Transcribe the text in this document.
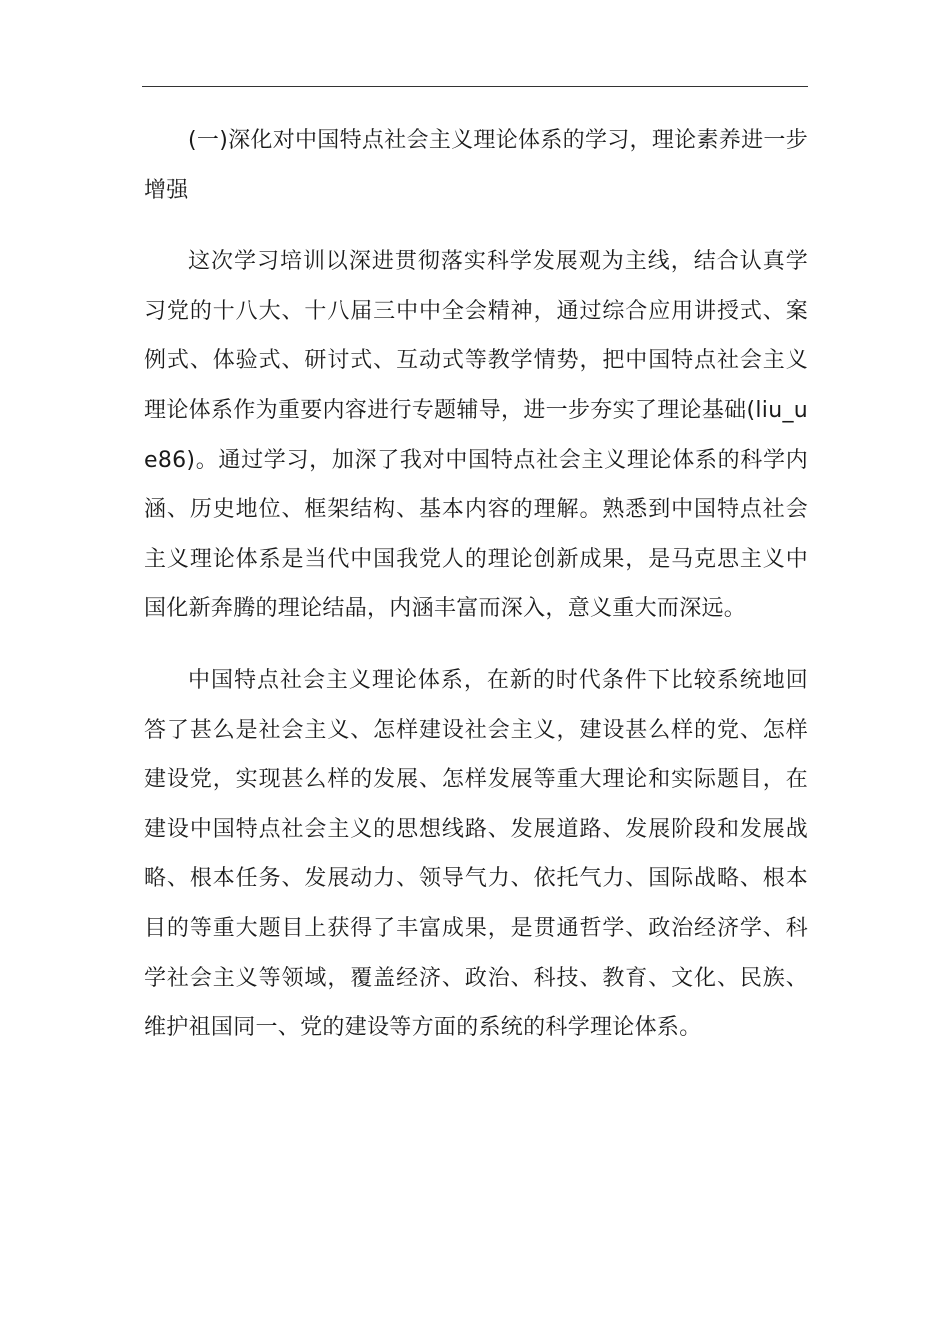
(一)深化对中国特点社会主义理论体系的学习，理论素养进一步增强

这次学习培训以深进贯彻落实科学发展观为主线，结合认真学习党的十八大、十八届三中中全会精神，通过综合应用讲授式、案例式、体验式、研讨式、互动式等教学情势，把中国特点社会主义理论体系作为重要内容进行专题辅导，进一步夯实了理论基础(liu_ue86)。通过学习，加深了我对中国特点社会主义理论体系的科学内涵、历史地位、框架结构、基本内容的理解。熟悉到中国特点社会主义理论体系是当代中国我党人的理论创新成果，是马克思主义中国化新奔腾的理论结晶，内涵丰富而深入，意义重大而深远。

中国特点社会主义理论体系，在新的时代条件下比较系统地回答了甚么是社会主义、怎样建设社会主义，建设甚么样的党、怎样建设党，实现甚么样的发展、怎样发展等重大理论和实际题目，在建设中国特点社会主义的思想线路、发展道路、发展阶段和发展战略、根本任务、发展动力、领导气力、依托气力、国际战略、根本目的等重大题目上获得了丰富成果，是贯通哲学、政治经济学、科学社会主义等领域，覆盖经济、政治、科技、教育、文化、民族、维护祖国同一、党的建设等方面的系统的科学理论体系。
